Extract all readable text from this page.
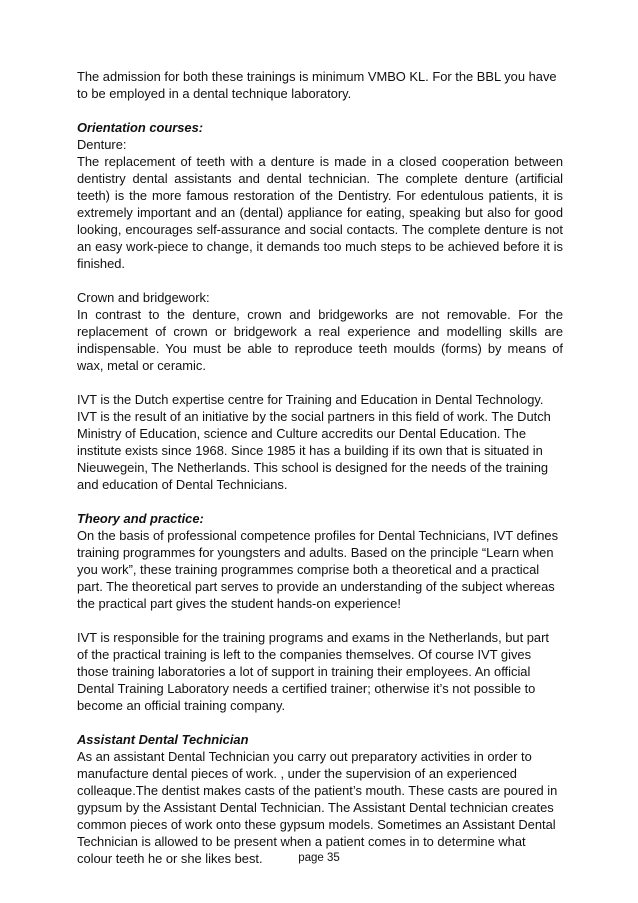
The admission for both these trainings is minimum VMBO KL. For the BBL you have to be employed in a dental technique laboratory.

Orientation courses:

Denture:

The replacement of teeth with a denture is made in a closed cooperation between dentistry dental assistants and dental technician. The complete denture (artificial teeth) is the more famous restoration of the Dentistry. For edentulous patients, it is extremely important and an (dental) appliance for eating, speaking but also for good looking, encourages self-assurance and social contacts. The complete denture is not an easy work-piece to change, it demands too much steps to be achieved before it is finished.

Crown and bridgework:

In contrast to the denture, crown and bridgeworks are not removable. For the replacement of crown or bridgework a real experience and modelling skills are indispensable. You must be able to reproduce teeth moulds (forms) by means of wax, metal or ceramic.

IVT is the Dutch expertise centre for Training and Education in Dental Technology. IVT is the result of an initiative by the social partners in this field of work. The Dutch Ministry of Education, science and Culture accredits our Dental Education. The institute exists since 1968. Since 1985 it has a building if its own that is situated in Nieuwegein, The Netherlands. This school is designed for the needs of the training and education of Dental Technicians.

Theory and practice:

On the basis of professional competence profiles for Dental Technicians, IVT defines training programmes for youngsters and adults. Based on the principle “Learn when you work”, these training programmes comprise both a theoretical and a practical part. The theoretical part serves to provide an understanding of the subject whereas the practical part gives the student hands-on experience!

IVT is responsible for the training programs and exams in the Netherlands, but part of the practical training is left to the companies themselves. Of course IVT gives those training laboratories a lot of support in training their employees. An official Dental Training Laboratory needs a certified trainer; otherwise it’s not possible to become an official training company.

Assistant Dental Technician

As an assistant Dental Technician you carry out preparatory activities in order to manufacture dental pieces of work. , under the supervision of an experienced colleaque.The dentist makes casts of the patient’s mouth. These casts are poured in gypsum by the Assistant Dental Technician. The Assistant Dental technician creates common pieces of work onto these gypsum models. Sometimes an Assistant Dental Technician is allowed to be present when a patient comes in to determine what colour teeth he or she likes best.	page 35
